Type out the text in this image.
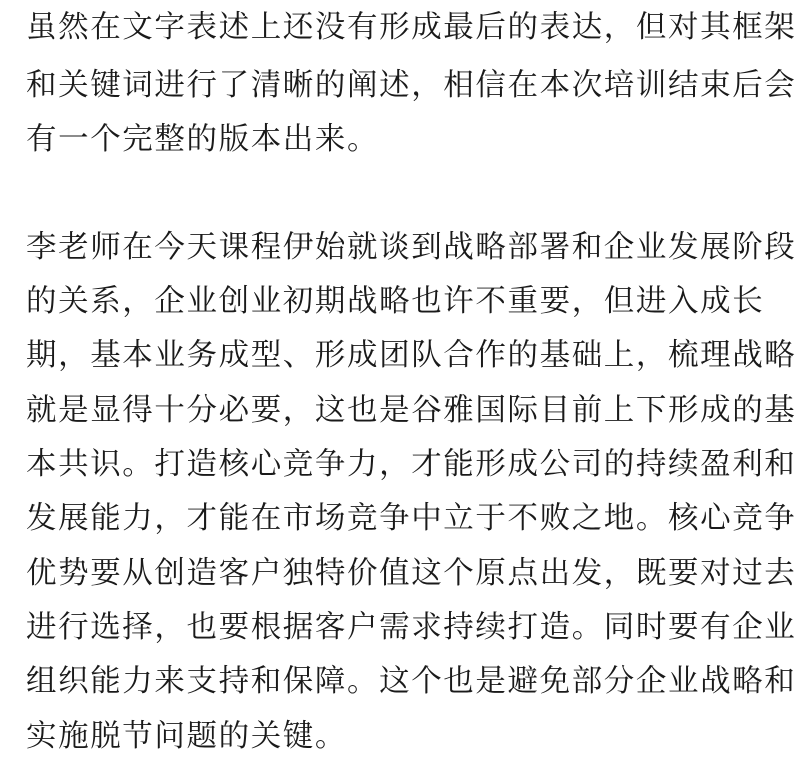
虽然在文字表述上还没有形成最后的表达，但对其框架

和关键词进行了清晰的阐述，相信在本次培训结束后会

有一个完整的版本出来。

李老师在今天课程伊始就谈到战略部署和企业发展阶段

的关系，企业创业初期战略也许不重要，但进入成长

期，基本业务成型、形成团队合作的基础上，梳理战略

就是显得十分必要，这也是谷雅国际目前上下形成的基

本共识。打造核心竞争力，才能形成公司的持续盈利和

发展能力，才能在市场竞争中立于不败之地。核心竞争

优势要从创造客户独特价值这个原点出发，既要对过去

进行选择，也要根据客户需求持续打造。同时要有企业

组织能力来支持和保障。这个也是避免部分企业战略和

实施脱节问题的关键。
